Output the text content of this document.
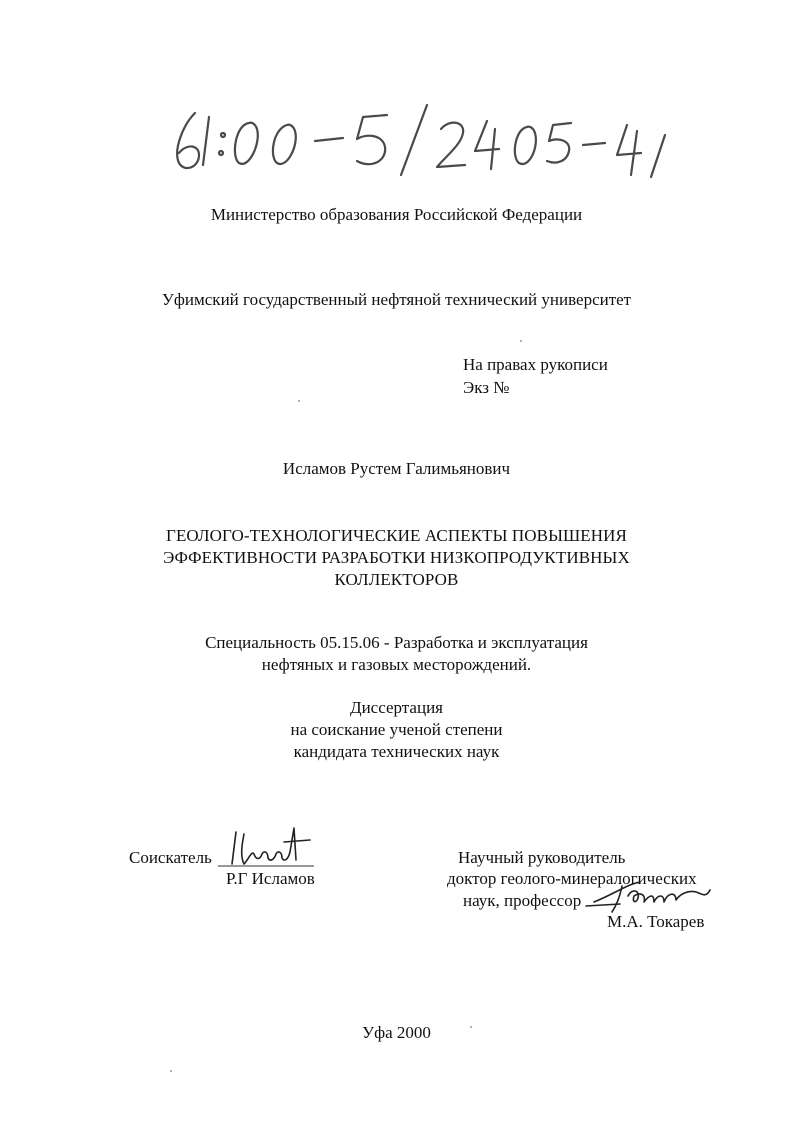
Министерство образования Российской Федерации
Уфимский государственный нефтяной технический университет
На правах рукописи
Экз №
Исламов Рустем Галимьянович
ГЕОЛОГО-ТЕХНОЛОГИЧЕСКИЕ АСПЕКТЫ ПОВЫШЕНИЯ
ЭФФЕКТИВНОСТИ РАЗРАБОТКИ НИЗКОПРОДУКТИВНЫХ
КОЛЛЕКТОРОВ
Специальность 05.15.06 - Разработка и эксплуатация
нефтяных и газовых месторождений.
Диссертация
на соискание ученой степени
кандидата технических наук
Соискатель
Р.Г Исламов
Научный руководитель
доктор геолого-минералогических
наук, профессор
М.А. Токарев
Уфа 2000
